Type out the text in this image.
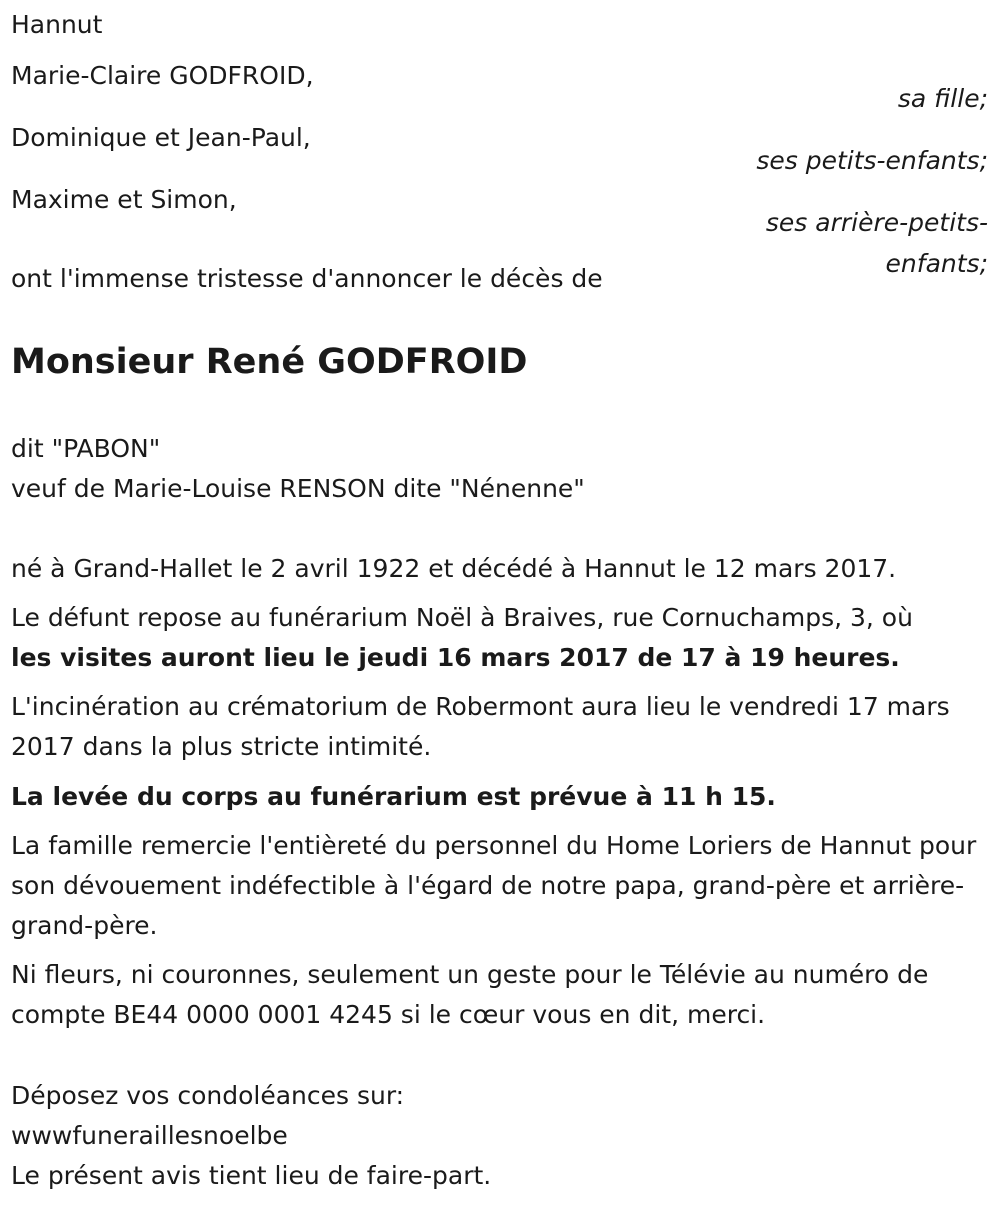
Hannut
Marie-Claire GODFROID,
sa fille;
Dominique et Jean-Paul,
ses petits-enfants;
Maxime et Simon,
ses arrière-petits-
enfants;
ont l'immense tristesse d'annoncer le décès de
Monsieur René GODFROID
dit "PABON"
veuf de Marie-Louise RENSON dite "Nénenne"
né à Grand-Hallet le 2 avril 1922 et décédé à Hannut le 12 mars 2017.
Le défunt repose au funérarium Noël à Braives, rue Cornuchamps, 3, où
les visites auront lieu le jeudi 16 mars 2017 de 17 à 19 heures.
L'incinération au crématorium de Robermont aura lieu le vendredi 17 mars 2017 dans la plus stricte intimité.
La levée du corps au funérarium est prévue à 11 h 15.
La famille remercie l'entièreté du personnel du Home Loriers de Hannut pour son dévouement indéfectible à l'égard de notre papa, grand-père et arrière-grand-père.
Ni fleurs, ni couronnes, seulement un geste pour le Télévie au numéro de compte BE44 0000 0001 4245 si le cœur vous en dit, merci.
Déposez vos condoléances sur:
wwwfuneraillesnoelbe
Le présent avis tient lieu de faire-part.
